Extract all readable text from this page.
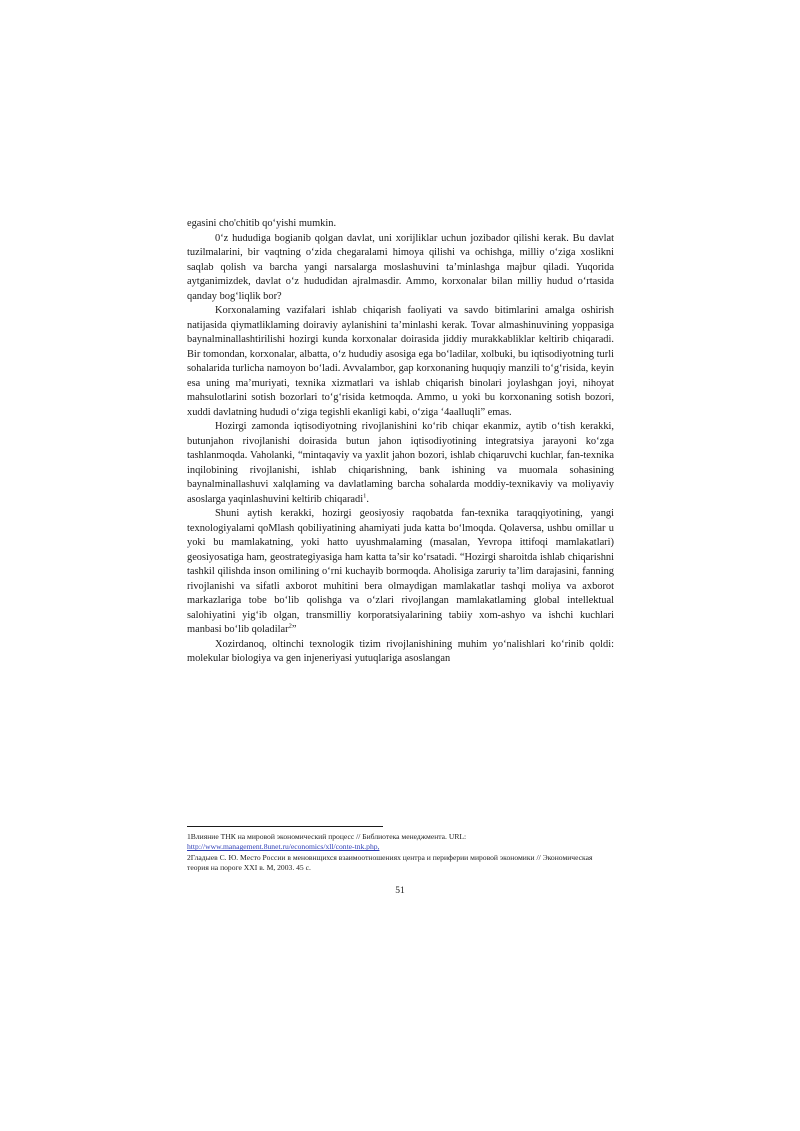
egasini cho'chitib qo‘yishi mumkin.

0‘z hududiga bogianib qolgan davlat, uni xorijliklar uchun jozibador qilishi kerak. Bu davlat tuzilmalarini, bir vaqtning o‘zida chegaralami himoya qilishi va ochishga, milliy o‘ziga xoslikni saqlab qolish va barcha yangi narsalarga moslashuvini ta’minlashga majbur qiladi. Yuqorida aytganimizdek, davlat o‘z hududidan ajralmasdir. Ammo, korxonalar bilan milliy hudud o‘rtasida qanday bog‘liqlik bor?

Korxonalaming vazifalari ishlab chiqarish faoliyati va savdo bitimlarini amalga oshirish natijasida qiymatliklaming doiraviy aylanishini ta’minlashi kerak. Tovar almashinuvining yoppasiga baynalminallashtirilishi hozirgi kunda korxonalar doirasida jiddiy murakkabliklar keltirib chiqaradi. Bir tomondan, korxonalar, albatta, o‘z hududiy asosiga ega bo‘ladilar, xolbuki, bu iqtisodiyotning turli sohalarida turlicha namoyon bo‘ladi. Avvalambor, gap korxonaning huquqiy manzili to‘g‘risida, keyin esa uning ma’muriyati, texnika xizmatlari va ishlab chiqarish binolari joylashgan joyi, nihoyat mahsulotlarini sotish bozorlari to‘g‘risida ketmoqda. Ammo, u yoki bu korxonaning sotish bozori, xuddi davlatning hududi o‘ziga tegishli ekanligi kabi, o‘ziga ‘4aalluqli” emas.

Hozirgi zamonda iqtisodiyotning rivojlanishini ko‘rib chiqar ekanmiz, aytib o‘tish kerakki, butunjahon rivojlanishi doirasida butun jahon iqtisodiyotining integratsiya jarayoni ko‘zga tashlanmoqda. Vaholanki, “mintaqaviy va yaxlit jahon bozori, ishlab chiqaruvchi kuchlar, fan-texnika inqilobining rivojlanishi, ishlab chiqarishning, bank ishining va muomala sohasining baynalminallashuvi xalqlaming va davlatlaming barcha sohalarda moddiy-texnikaviy va moliyaviy asoslarga yaqinlashuvini keltirib chiqaradi$^1$.

Shuni aytish kerakki, hozirgi geosiyosiy raqobatda fan-texnika taraqqiyotining, yangi texnologiyalami qoMlash qobiliyatining ahamiyati juda katta bo‘lmoqda. Qolaversa, ushbu omillar u yoki bu mamlakatning, yoki hatto uyushmalaming (masalan, Yevropa ittifoqi mamlakatlari) geosiyosatiga ham, geostrategiyasiga ham katta ta’sir ko‘rsatadi. “Hozirgi sharoitda ishlab chiqarishni tashkil qilishda inson omilining o‘rni kuchayib bormoqda. Aholisiga zaruriy ta’lim darajasini, fanning rivojlanishi va sifatli axborot muhitini bera olmaydigan mamlakatlar tashqi moliya va axborot markazlariga tobe bo‘lib qolishga va o‘zlari rivojlangan mamlakatlaming global intellektual salohiyatini yig‘ib olgan, transmilliy korporatsiyalarining tabiiy xom-ashyo va ishchi kuchlari manbasi bo‘lib qoladilar$^2$”

Xozirdanoq, oltinchi texnologik tizim rivojlanishining muhim yo‘nalishlari ko‘rinib qoldi: molekular biologiya va gen injeneriyasi yutuqlariga asoslangan

1Влияние ТНК на мировой экономический процесс // Библиотека менеджмента. URL: http://www.management.8unet.ru/economics/xll/conte-tnk.php,

2Гладыев С. Ю. Место России в меновнщихся взаимоотношениях центра и периферии мировой экономики // Экономическая теория на пороге XXI в. M, 2003. 45 c.

51
